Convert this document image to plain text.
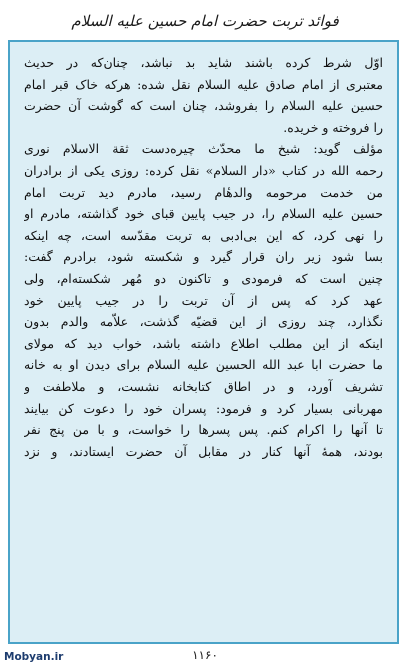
فوائد تربت حضرت امام حسین علیه السلام
اوّل شرط کرده باشند شاید بد نباشد، چنان‌که در حدیث
معتبری از امام صادق علیه السلام نقل شده: هرکه خاک قبر امام
حسین علیه السلام را بفروشد، چنان است که گوشت آن حضرت
را فروخته و خریده.
مؤلف گوید: شیخ ما محدّث چیره‌دست ثقة الاسلام نوری
رحمه الله در کتاب «دار السلام» نقل کرده: روزی یکی از برادران
من خدمت مرحومه والدهٔام رسید، مادرم دید تربت امام
حسین علیه السلام را، در جیب پایین قبای خود گذاشته، مادرم او
را نهی کرد، که این بی‌ادبی به تربت مقدّسه است، چه اینکه
بسا شود زیر ران قرار گیرد و شکسته شود، برادرم گفت:
چنین است که فرمودی و تاکنون دو مُهر شکسته‌ام، ولی
عهد کرد که پس از آن تربت را در جیب پایین خود
نگذارد، چند روزی از این قضیّه گذشت، علاّمه والدم بدون
اینکه از این مطلب اطلاع داشته باشد، خواب دید که مولای
ما حضرت ابا عبد الله الحسین علیه السلام برای دیدن او به خانه
تشریف آورد، و در اطاق کتابخانه نشست، و ملاطفت و
مهربانی بسیار کرد و فرمود: پسران خود را دعوت کن بیایند
تا آنها را اکرام کنم. پس پسرها را خواست، و با من پنج نفر
بودند، همهٔ آنها کنار در مقابل آن حضرت ایستادند، و نزد
۱۱۶۰
Mobyan.ir
